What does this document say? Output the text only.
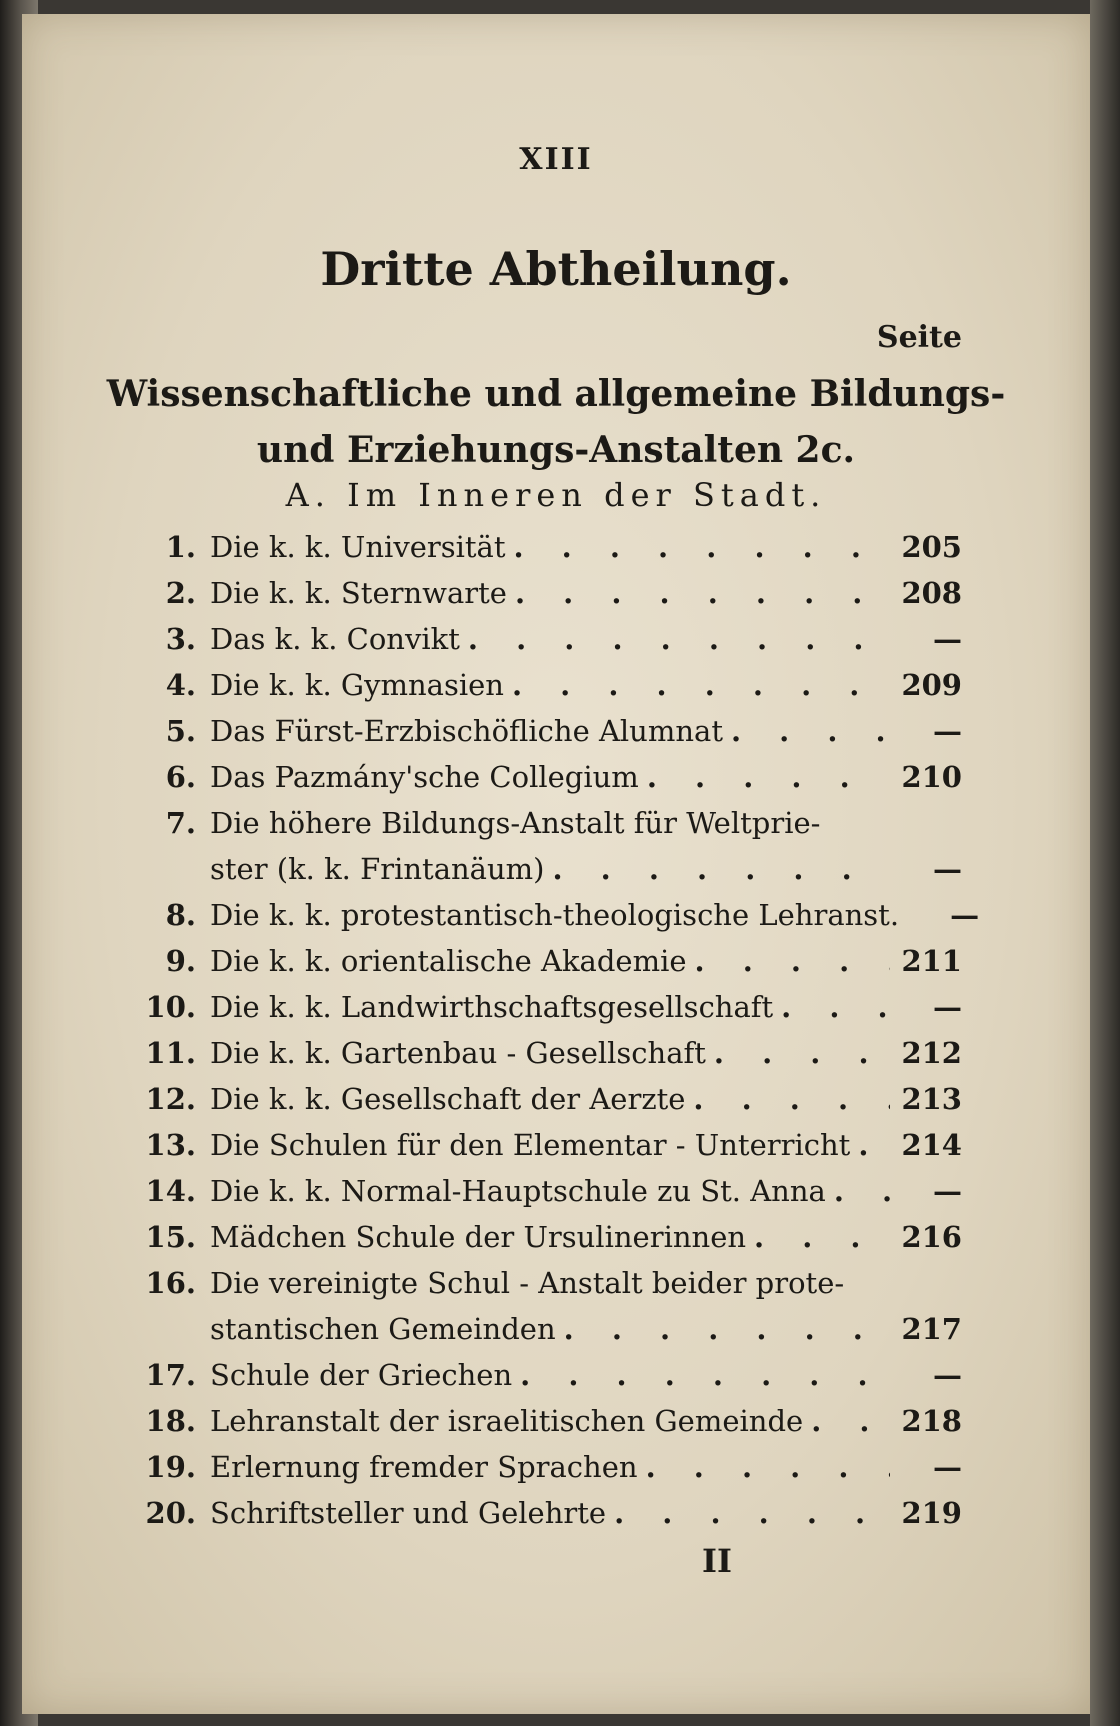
XIII
Dritte Abtheilung.
Seite
Wissenschaftliche und allgemeine Bildungs-
und Erziehungs-Anstalten 2c.
A. Im Inneren der Stadt.
1. Die k. k. Universität . . .	205
2. Die k. k. Sternwarte . . .	208
3. Das k. k. Convikt . . .	—
4. Die k. k. Gymnasien . . .	209
5. Das Fürst-Erzbischöfliche Alumnat . . .	—
6. Das Pazmány'sche Collegium . . .	210
7. Die höhere Bildungs-Anstalt für Weltprie-
ster (k. k. Frintanäum) . . .	—
8. Die k. k. protestantisch-theologische Lehranst.	—
9. Die k. k. orientalische Akademie . . .	211
10. Die k. k. Landwirthschaftsgesellschaft . . .	—
11. Die k. k. Gartenbau - Gesellschaft . . .	212
12. Die k. k. Gesellschaft der Aerzte . . .	213
13. Die Schulen für den Elementar - Unterricht . . . 214
14. Die k. k. Normal-Hauptschule zu St. Anna . . .	—
15. Mädchen Schule der Ursulinerinnen . . .	216
16. Die vereinigte Schul - Anstalt beider prote-
stantischen Gemeinden . . .	217
17. Schule der Griechen . . .	—
18. Lehranstalt der israelitischen Gemeinde . . .	218
19. Erlernung fremder Sprachen . . .	—
20. Schriftsteller und Gelehrte . . .	219
II
